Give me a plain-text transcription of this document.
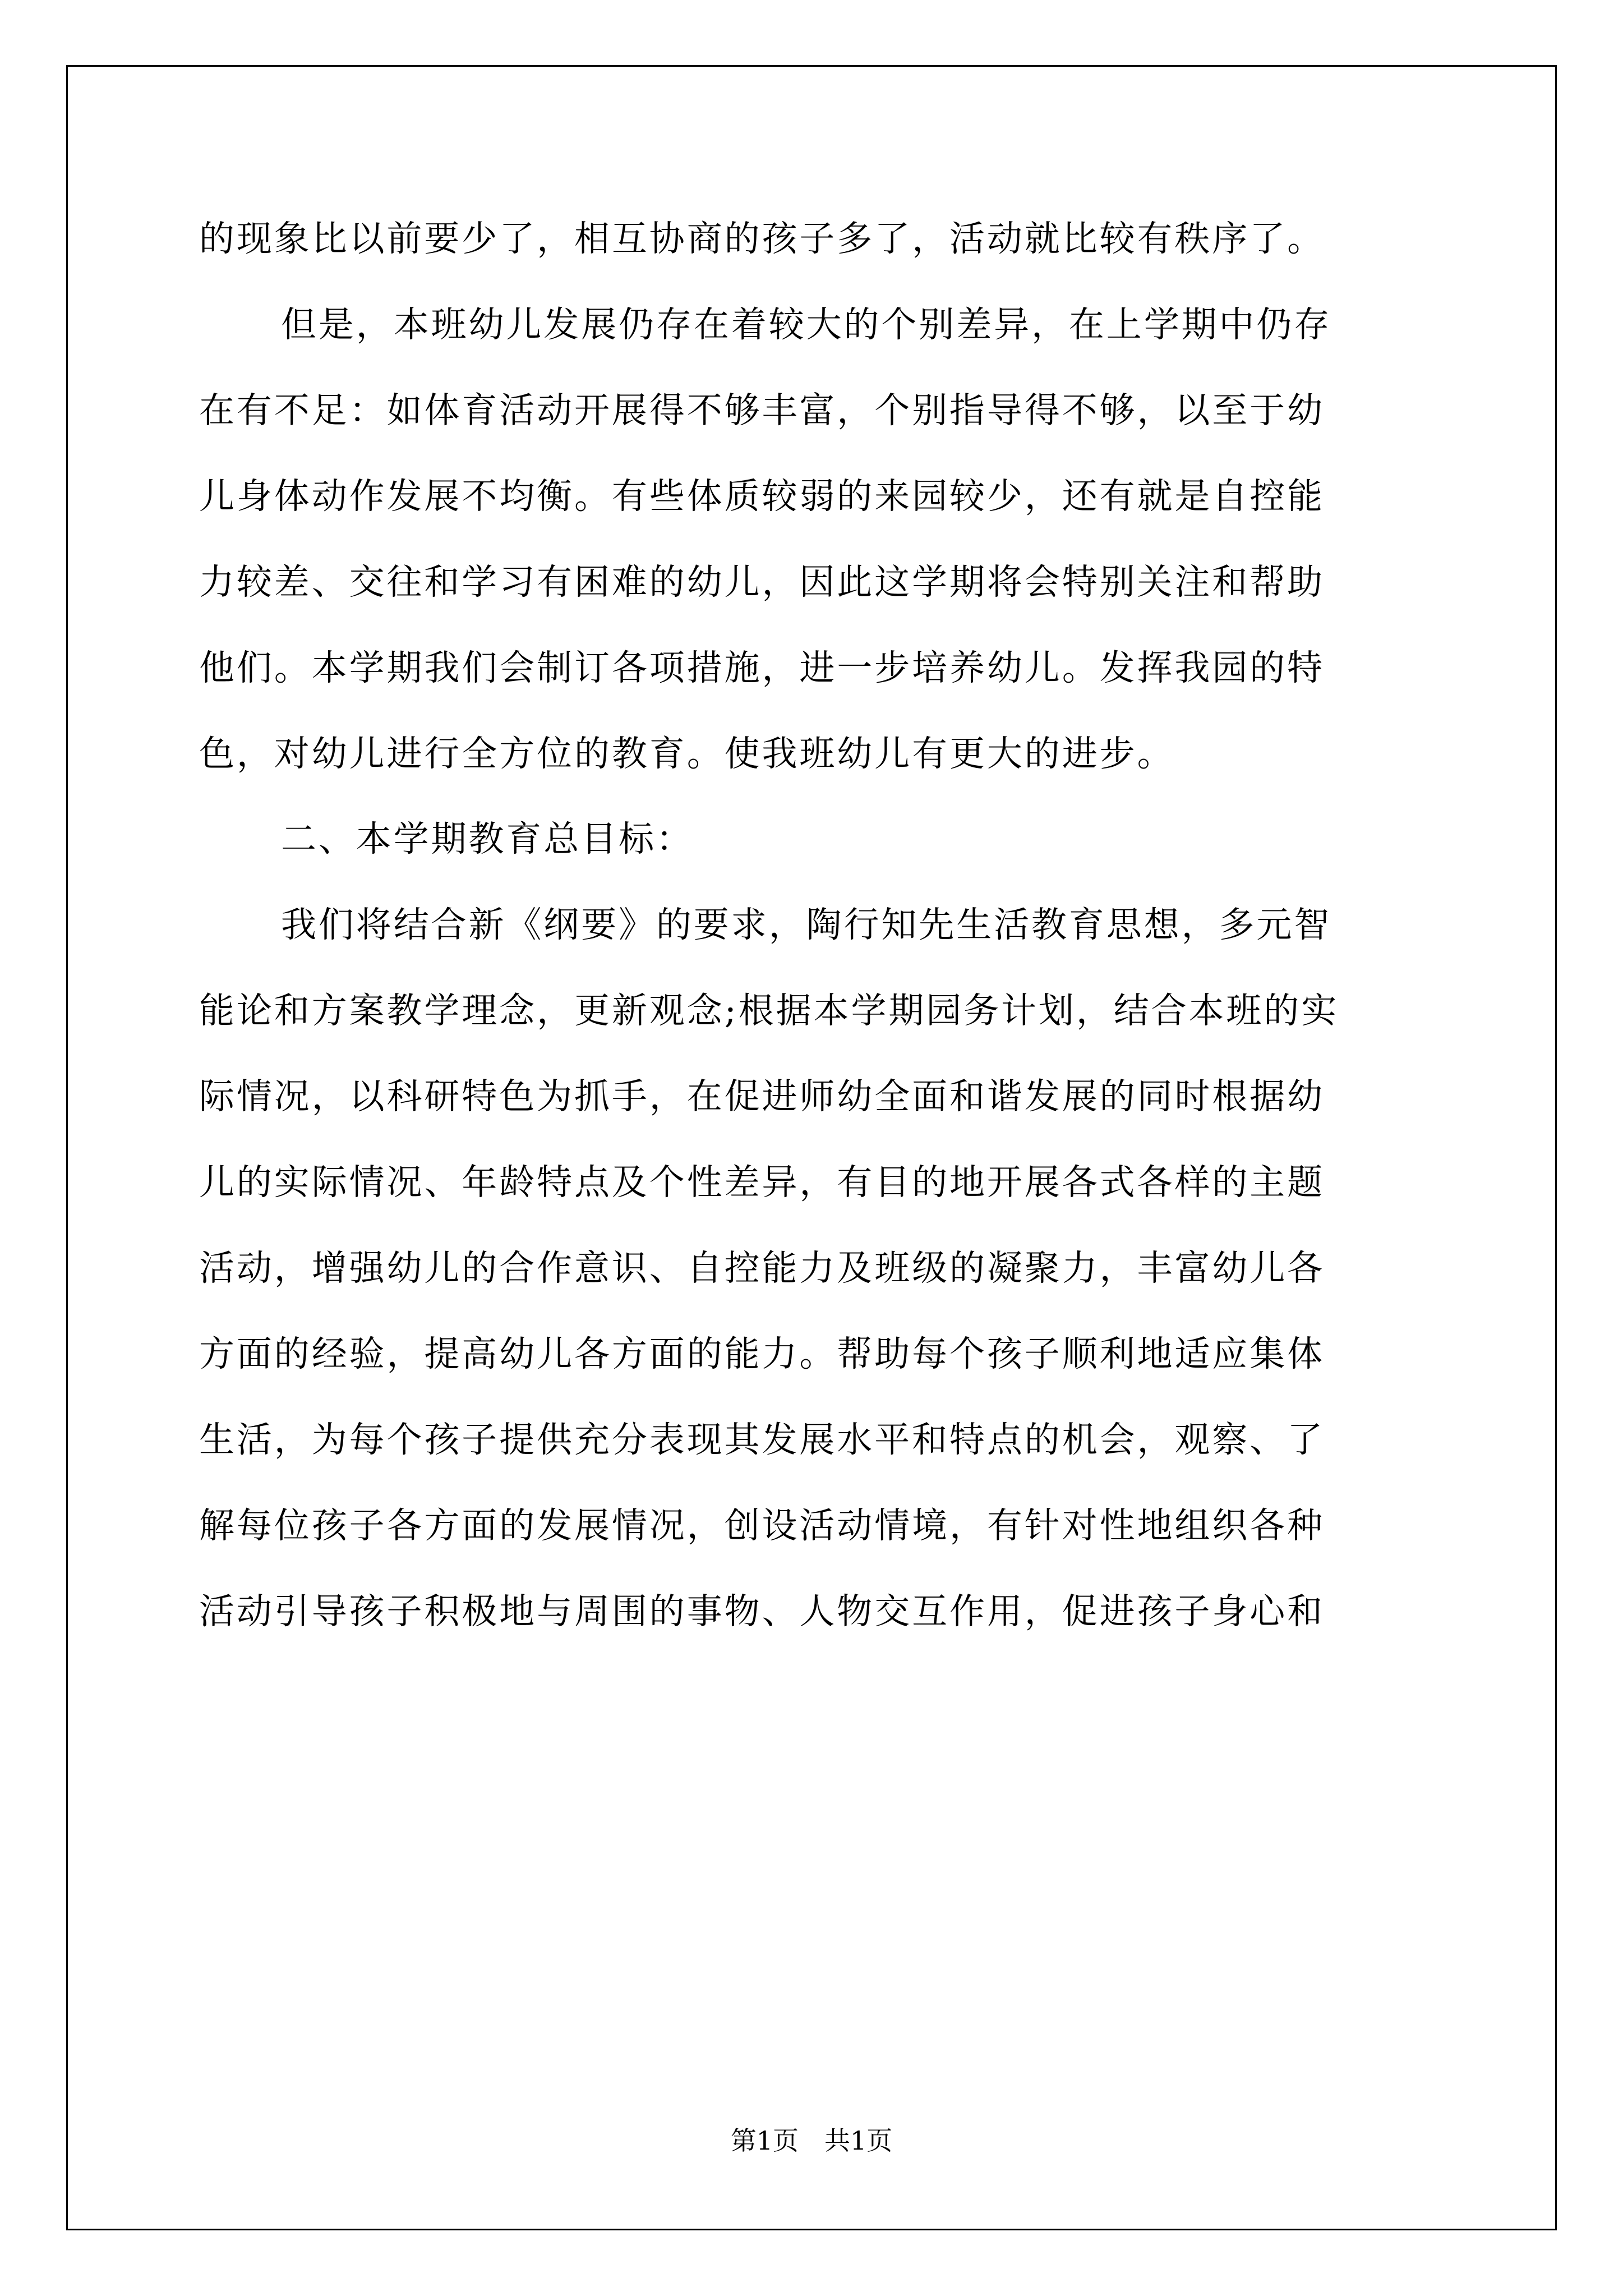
的现象比以前要少了，相互协商的孩子多了，活动就比较有秩序了。
但是，本班幼儿发展仍存在着较大的个别差异，在上学期中仍存
在有不足：如体育活动开展得不够丰富，个别指导得不够，以至于幼
儿身体动作发展不均衡。有些体质较弱的来园较少，还有就是自控能
力较差、交往和学习有困难的幼儿，因此这学期将会特别关注和帮助
他们。本学期我们会制订各项措施，进一步培养幼儿。发挥我园的特
色，对幼儿进行全方位的教育。使我班幼儿有更大的进步。
二、本学期教育总目标：
我们将结合新《纲要》的要求，陶行知先生活教育思想，多元智
能论和方案教学理念，更新观念;根据本学期园务计划，结合本班的实
际情况，以科研特色为抓手，在促进师幼全面和谐发展的同时根据幼
儿的实际情况、年龄特点及个性差异，有目的地开展各式各样的主题
活动，增强幼儿的合作意识、自控能力及班级的凝聚力，丰富幼儿各
方面的经验，提高幼儿各方面的能力。帮助每个孩子顺利地适应集体
生活，为每个孩子提供充分表现其发展水平和特点的机会，观察、了
解每位孩子各方面的发展情况，创设活动情境，有针对性地组织各种
活动引导孩子积极地与周围的事物、人物交互作用，促进孩子身心和
第1页　共1页
